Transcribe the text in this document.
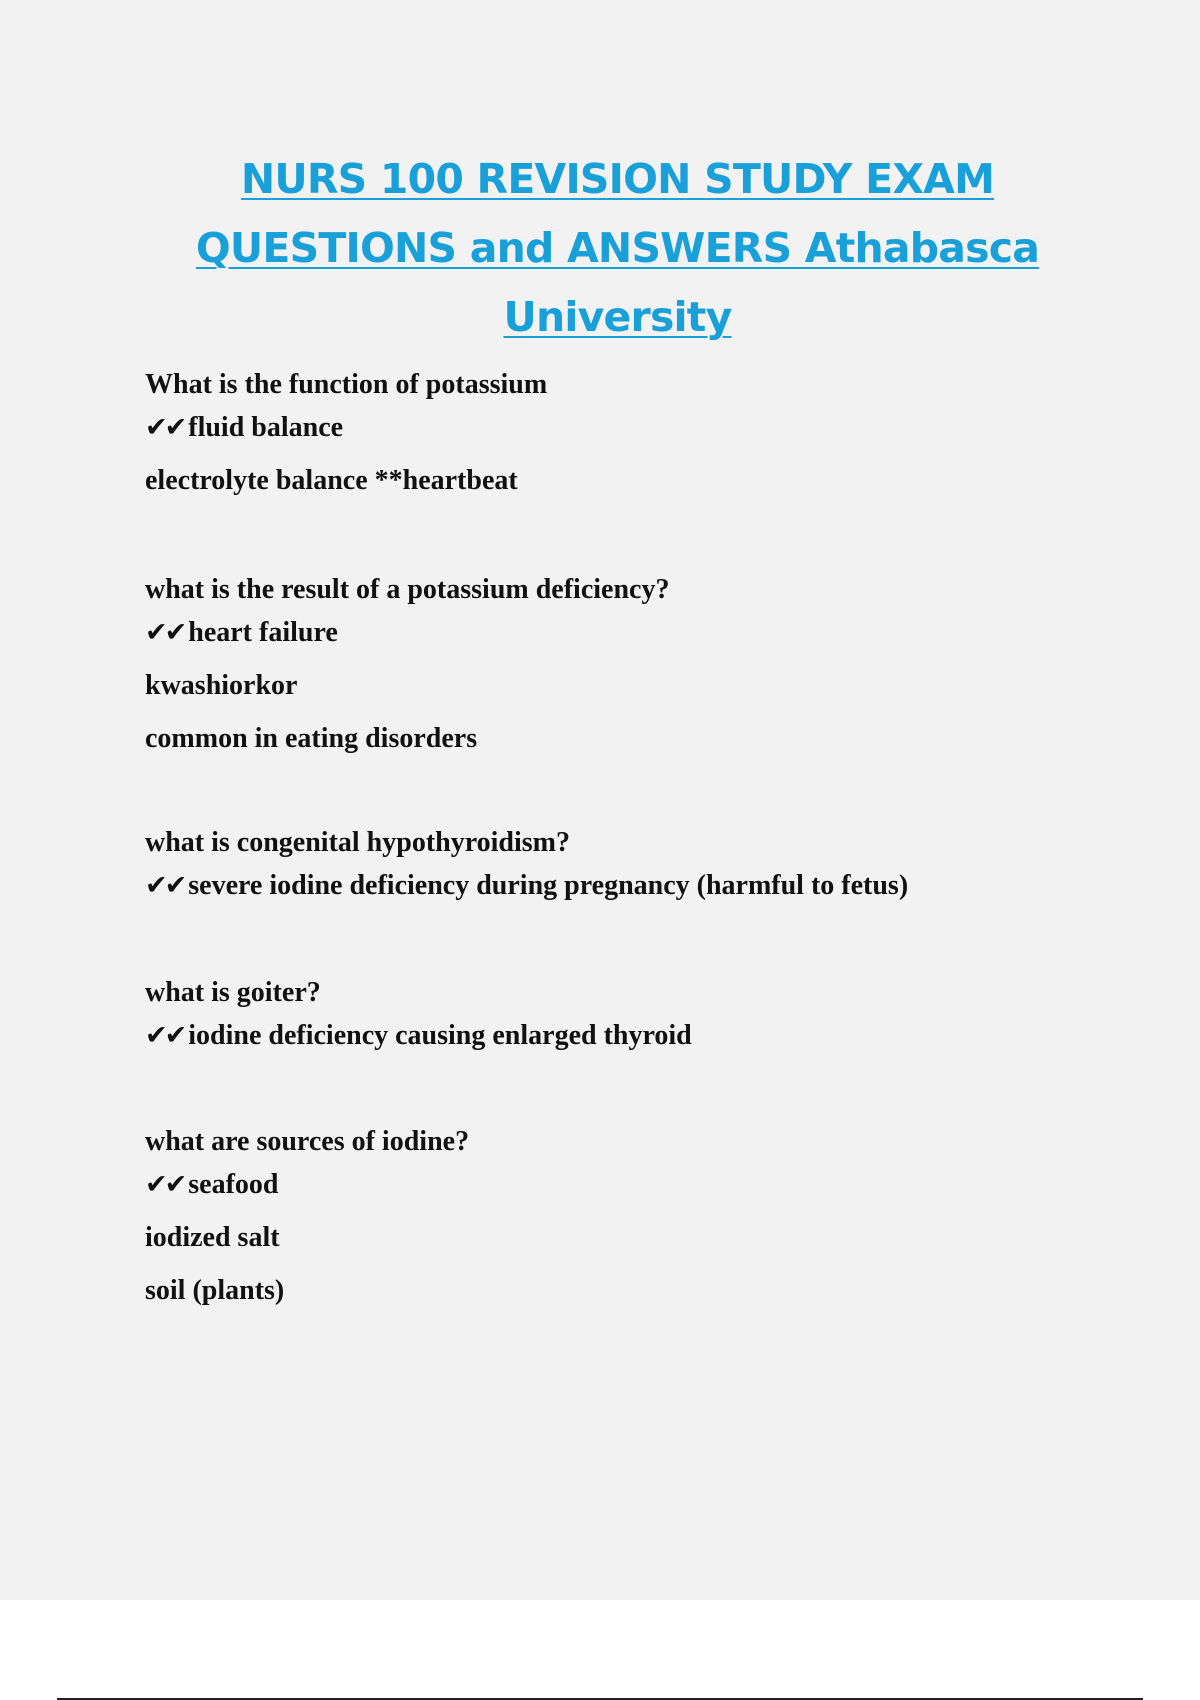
NURS 100 REVISION STUDY EXAM QUESTIONS and ANSWERS Athabasca University
What is the function of potassium
✔✔ fluid balance
electrolyte balance **heartbeat
what is the result of a potassium deficiency?
✔✔ heart failure
kwashiorkor
common in eating disorders
what is congenital hypothyroidism?
✔✔ severe iodine deficiency during pregnancy (harmful to fetus)
what is goiter?
✔✔ iodine deficiency causing enlarged thyroid
what are sources of iodine?
✔✔ seafood
iodized salt
soil (plants)
